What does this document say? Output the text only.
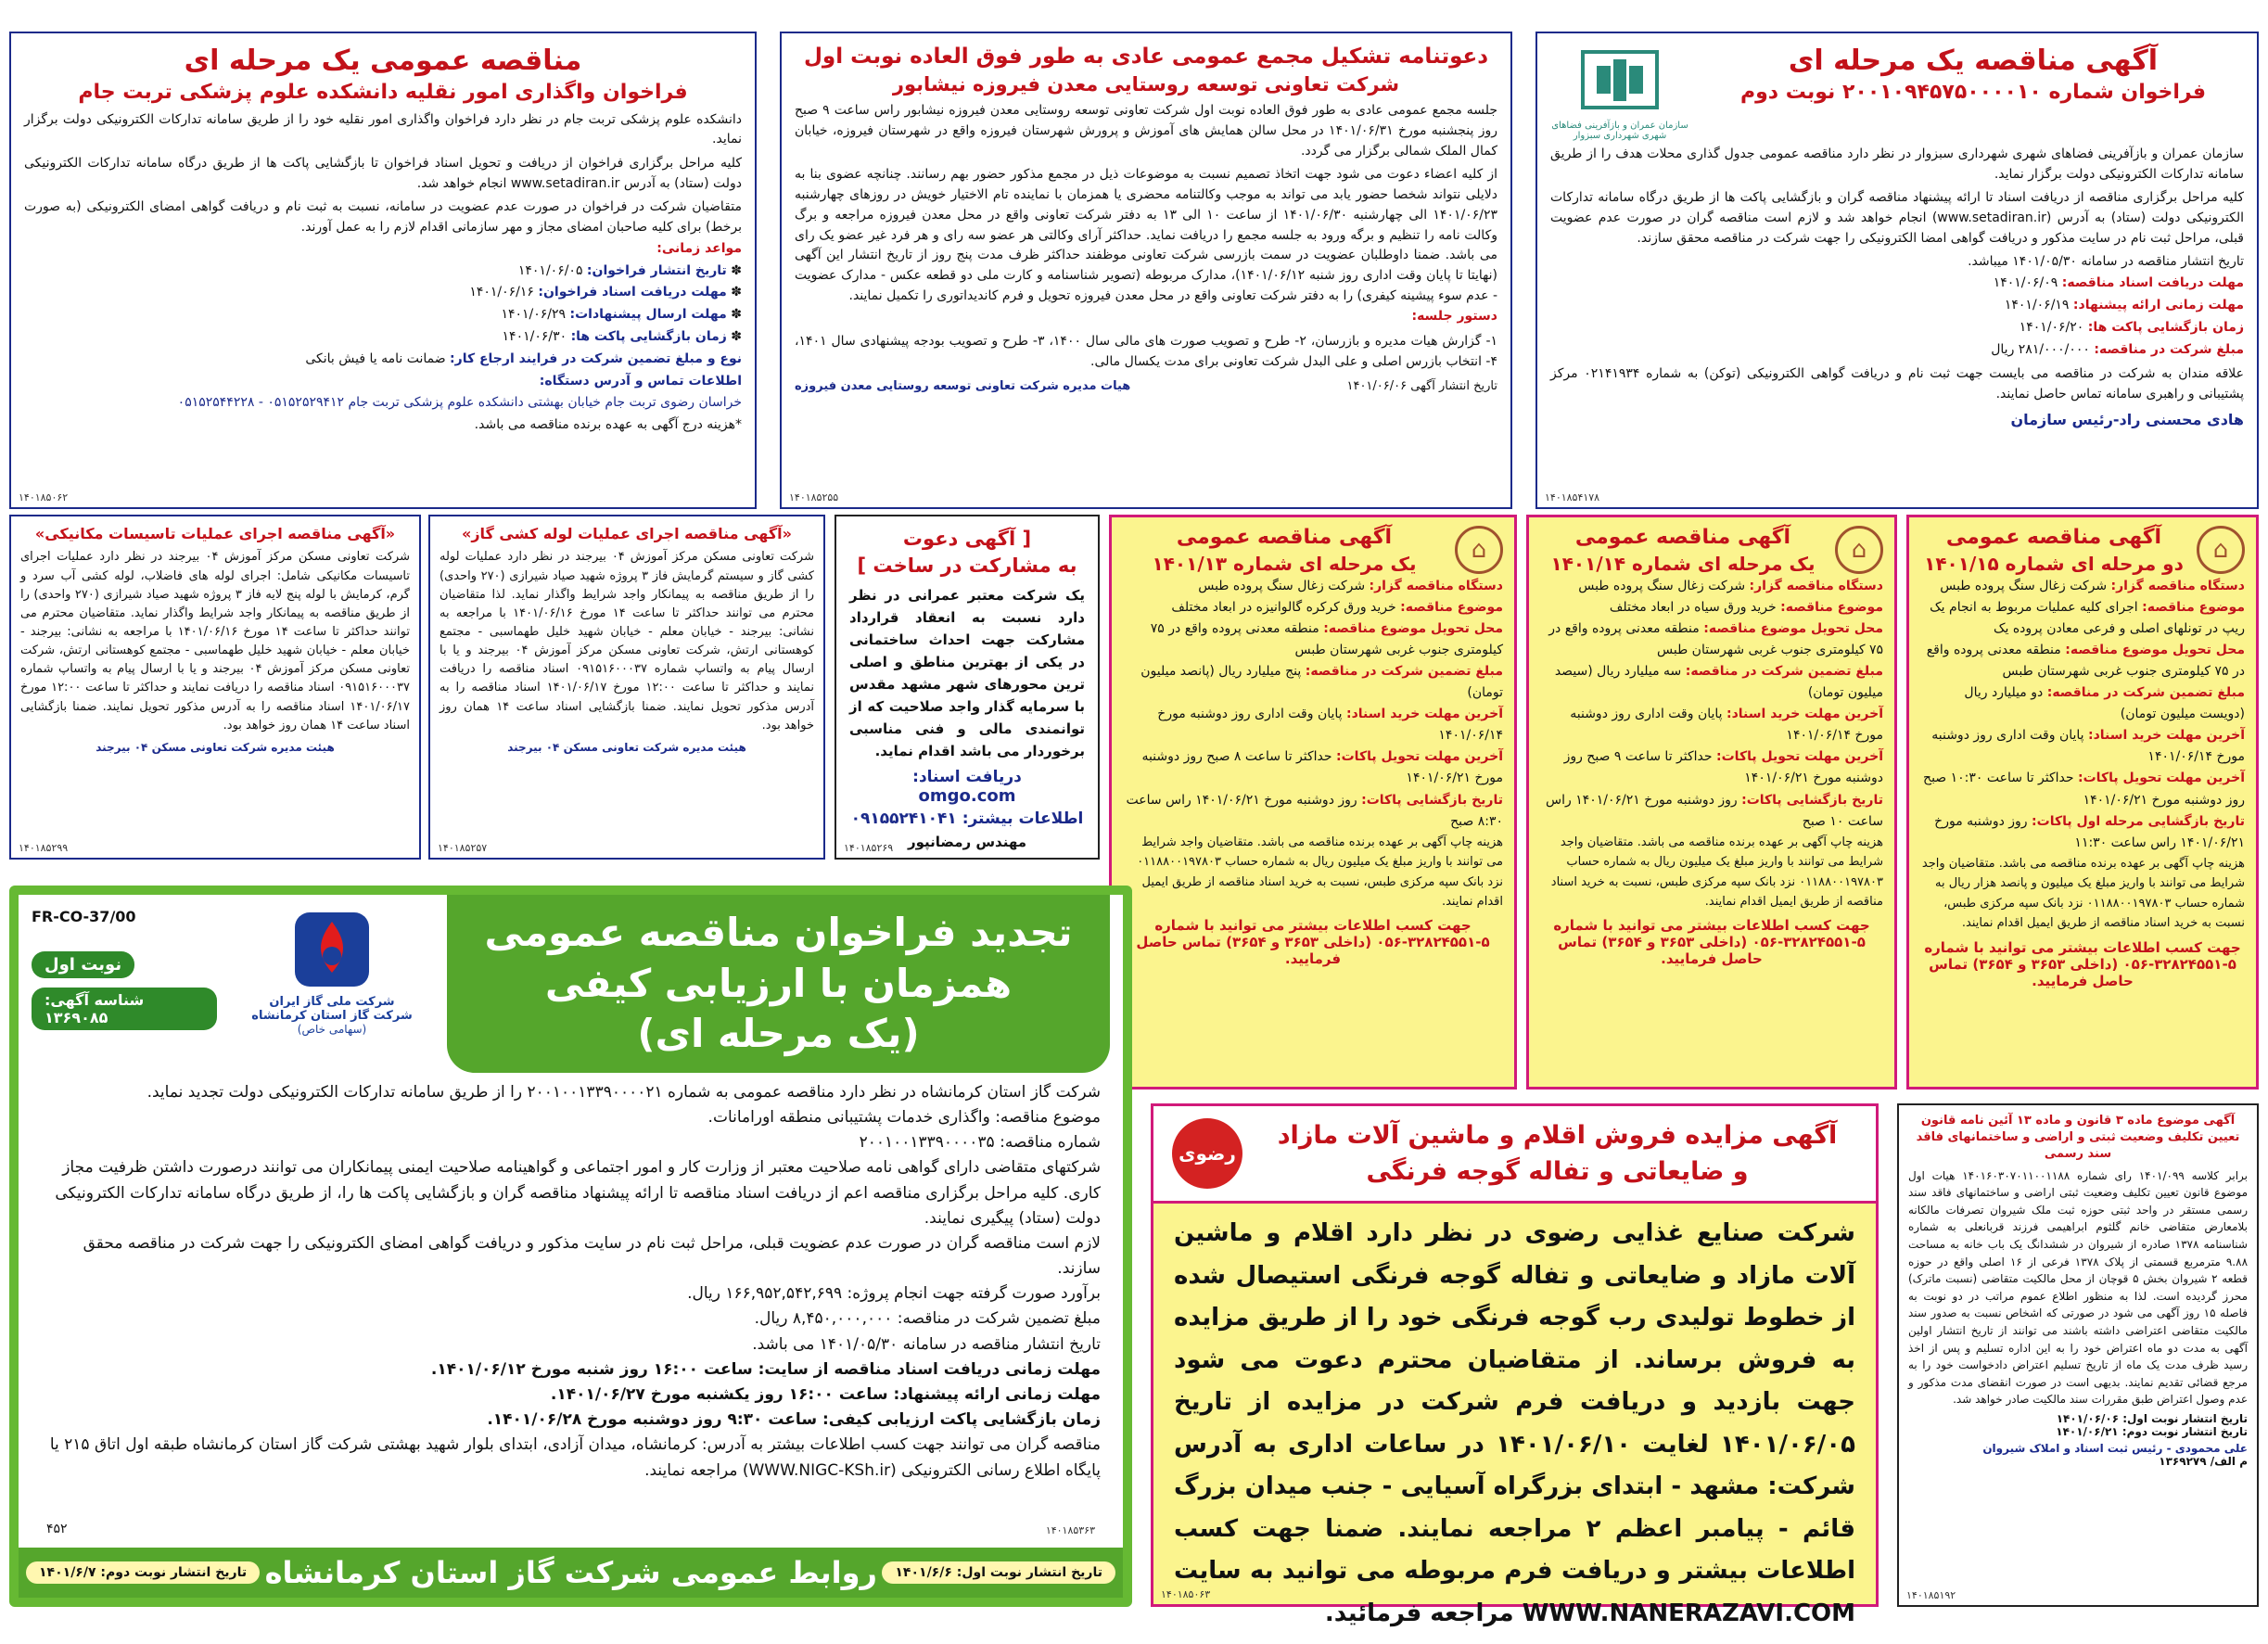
آگهی مناقصه یک مرحله ای
فراخوان شماره ۲۰۰۱۰۹۴۵۷۵۰۰۰۰۱۰ نوبت دوم
سازمان عمران و بازآفرینی فضاهای شهری شهرداری سبزوار
سازمان عمران و بازآفرینی فضاهای شهری شهرداری سبزوار در نظر دارد مناقصه عمومی جدول گذاری محلات هدف را از طریق سامانه تدارکات الکترونیکی دولت برگزار نماید.
کلیه مراحل برگزاری مناقصه از دریافت اسناد تا ارائه پیشنهاد مناقصه گران و بازگشایی پاکت ها از طریق درگاه سامانه تدارکات الکترونیکی دولت (ستاد) به آدرس (www.setadiran.ir) انجام خواهد شد و لازم است مناقصه گران در صورت عدم عضویت قبلی، مراحل ثبت نام در سایت مذکور و دریافت گواهی امضا الکترونیکی را جهت شرکت در مناقصه محقق سازند.
تاریخ انتشار مناقصه در سامانه ۱۴۰۱/۰۵/۳۰ میباشد.
مهلت دریافت اسناد مناقصه: ۱۴۰۱/۰۶/۰۹
مهلت زمانی ارائه پیشنهاد: ۱۴۰۱/۰۶/۱۹
زمان بازگشایی پاکت ها: ۱۴۰۱/۰۶/۲۰
مبلغ شرکت در مناقصه: ۲۸۱/۰۰۰/۰۰۰ ریال
علاقه مندان به شرکت در مناقصه می بایست جهت ثبت نام و دریافت گواهی الکترونیکی (توکن) به شماره ۰۲۱۴۱۹۳۴ مرکز پشتیبانی و راهبری سامانه تماس حاصل نمایند.
هادی محسنی راد-رئیس سازمان
۱۴۰۱۸۵۴۱۷۸
دعوتنامه تشکیل مجمع عمومی عادی به طور فوق العاده نوبت اول
شرکت تعاونی توسعه روستایی معدن فیروزه نیشابور
جلسه مجمع عمومی عادی به طور فوق العاده نوبت اول شرکت تعاونی توسعه روستایی معدن فیروزه نیشابور راس ساعت ۹ صبح روز پنجشنبه مورخ ۱۴۰۱/۰۶/۳۱ در محل سالن همایش های آموزش و پرورش شهرستان فیروزه واقع در شهرستان فیروزه، خیابان کمال الملک شمالی برگزار می گردد.
از کلیه اعضاء دعوت می شود جهت اتخاذ تصمیم نسبت به موضوعات ذیل در مجمع مذکور حضور بهم رسانند. چنانچه عضوی بنا به دلایلی نتواند شخصا حضور یابد می تواند به موجب وکالتنامه محضری یا همزمان با نماینده تام الاختیار خویش در روزهای چهارشنبه ۱۴۰۱/۰۶/۲۳ الی چهارشنبه ۱۴۰۱/۰۶/۳۰ از ساعت ۱۰ الی ۱۳ به دفتر شرکت تعاونی واقع در محل معدن فیروزه مراجعه و برگ وکالت نامه را تنظیم و برگه ورود به جلسه مجمع را دریافت نماید. حداکثر آرای وکالتی هر عضو سه رای و هر فرد غیر عضو یک رای می باشد. ضمنا داوطلبان عضویت در سمت بازرسی شرکت تعاونی موظفند حداکثر ظرف مدت پنج روز از تاریخ انتشار این آگهی (نهایتا تا پایان وقت اداری روز شنبه ۱۴۰۱/۰۶/۱۲)، مدارک مربوطه (تصویر شناسنامه و کارت ملی دو قطعه عکس - مدارک عضویت - عدم سوء پیشینه کیفری) را به دفتر شرکت تعاونی واقع در محل معدن فیروزه تحویل و فرم کاندیداتوری را تکمیل نمایند.
دستور جلسه:
۱- گزارش هیات مدیره و بازرسان، ۲- طرح و تصویب صورت های مالی سال ۱۴۰۰، ۳- طرح و تصویب بودجه پیشنهادی سال ۱۴۰۱، ۴- انتخاب بازرس اصلی و علی البدل شرکت تعاونی برای مدت یکسال مالی.
تاریخ انتشار آگهی ۱۴۰۱/۰۶/۰۶
هیات مدیره شرکت تعاونی توسعه روستایی معدن فیروزه
۱۴۰۱۸۵۲۵۵
مناقصه عمومی یک مرحله ای
فراخوان واگذاری امور نقلیه دانشکده علوم پزشکی تربت جام
دانشکده علوم پزشکی تربت جام در نظر دارد فراخوان واگذاری امور نقلیه خود را از طریق سامانه تدارکات الکترونیکی دولت برگزار نماید.
کلیه مراحل برگزاری فراخوان از دریافت و تحویل اسناد فراخوان تا بازگشایی پاکت ها از طریق درگاه سامانه تدارکات الکترونیکی دولت (ستاد) به آدرس www.setadiran.ir انجام خواهد شد.
متقاضیان شرکت در فراخوان در صورت عدم عضویت در سامانه، نسبت به ثبت نام و دریافت گواهی امضای الکترونیکی (به صورت برخط) برای کلیه صاحبان امضای مجاز و مهر سازمانی اقدام لازم را به عمل آورند.
مواعد زمانی:
✽ تاریخ انتشار فراخوان: ۱۴۰۱/۰۶/۰۵
✽ مهلت دریافت اسناد فراخوان: ۱۴۰۱/۰۶/۱۶
✽ مهلت ارسال پیشنهادات: ۱۴۰۱/۰۶/۲۹
✽ زمان بازگشایی پاکت ها: ۱۴۰۱/۰۶/۳۰
نوع و مبلغ تضمین شرکت در فرایند ارجاع کار: ضمانت نامه یا فیش بانکی
اطلاعات تماس و آدرس دستگاه:
خراسان رضوی تربت جام خیابان بهشتی دانشکده علوم پزشکی تربت جام ۰۵۱۵۲۵۲۹۴۱۲ - ۰۵۱۵۲۵۴۴۲۲۸
*هزینه درج آگهی به عهده برنده مناقصه می باشد.
۱۴۰۱۸۵۰۶۲
«آگهی مناقصه اجرای عملیات تاسیسات مکانیکی»
شرکت تعاونی مسکن مرکز آموزش ۰۴ بیرجند در نظر دارد عملیات اجرای تاسیسات مکانیکی شامل: اجرای لوله های فاضلاب، لوله کشی آب سرد و گرم، کرمایش با لوله پنج لایه فاز ۳ پروژه شهید صیاد شیرازی (۲۷۰ واحدی) را از طریق مناقصه به پیمانکار واجد شرایط واگذار نماید. متقاضیان محترم می توانند حداکثر تا ساعت ۱۴ مورخ ۱۴۰۱/۰۶/۱۶ با مراجعه به نشانی: بیرجند - خیابان معلم - خیابان شهید خلیل طهماسبی - مجتمع کوهستانی ارتش، شرکت تعاونی مسکن مرکز آموزش ۰۴ بیرجند و یا با ارسال پیام به واتساپ شماره ۰۹۱۵۱۶۰۰۰۳۷ اسناد مناقصه را دریافت نمایند و حداکثر تا ساعت ۱۲:۰۰ مورخ ۱۴۰۱/۰۶/۱۷ اسناد مناقصه را به آدرس مذکور تحویل نمایند. ضمنا بازگشایی اسناد ساعت ۱۴ همان روز خواهد بود.
هیئت مدیره شرکت تعاونی مسکن ۰۴ بیرجند
۱۴۰۱۸۵۲۹۹
«آگهی مناقصه اجرای عملیات لوله کشی گاز»
شرکت تعاونی مسکن مرکز آموزش ۰۴ بیرجند در نظر دارد عملیات لوله کشی گاز و سیستم گرمایش فاز ۳ پروژه شهید صیاد شیرازی (۲۷۰ واحدی) را از طریق مناقصه به پیمانکار واجد شرایط واگذار نماید. لذا متقاضیان محترم می توانند حداکثر تا ساعت ۱۴ مورخ ۱۴۰۱/۰۶/۱۶ با مراجعه به نشانی: بیرجند - خیابان معلم - خیابان شهید خلیل طهماسبی - مجتمع کوهستانی ارتش، شرکت تعاونی مسکن مرکز آموزش ۰۴ بیرجند و یا با ارسال پیام به واتساپ شماره ۰۹۱۵۱۶۰۰۰۳۷ اسناد مناقصه را دریافت نمایند و حداکثر تا ساعت ۱۲:۰۰ مورخ ۱۴۰۱/۰۶/۱۷ اسناد مناقصه را به آدرس مذکور تحویل نمایند. ضمنا بازگشایی اسناد ساعت ۱۴ همان روز خواهد بود.
هیئت مدیره شرکت تعاونی مسکن ۰۴ بیرجند
۱۴۰۱۸۵۲۵۷
[ آگهی دعوت
به مشارکت در ساخت ]
یک شرکت معتبر عمرانی در نظر دارد نسبت به انعقاد قرارداد مشارکت جهت احداث ساختمانی در یکی از بهترین مناطق و اصلی ترین محورهای شهر مشهد مقدس با سرمایه گذار واجد صلاحیت که از توانمندی مالی و فنی مناسبی برخوردار می باشد اقدام نماید.
دریافت اسناد:
omgo.com
اطلاعات بیشتر: ۰۹۱۵۵۲۴۱۰۴۱
مهندس رمضانپور
۱۴۰۱۸۵۲۶۹
⌂
آگهی مناقصه عمومی
یک مرحله ای شماره ۱۴۰۱/۱۳
دستگاه مناقصه گزار: شرکت زغال سنگ پروده طبس
موضوع مناقصه: خرید ورق کرکره گالوانیزه در ابعاد مختلف
محل تحویل موضوع مناقصه: منطقه معدنی پروده واقع در ۷۵ کیلومتری جنوب غربی شهرستان طبس
مبلغ تضمین شرکت در مناقصه: پنج میلیارد ریال (پانصد میلیون تومان)
آخرین مهلت خرید اسناد: پایان وقت اداری روز دوشنبه مورخ ۱۴۰۱/۰۶/۱۴
آخرین مهلت تحویل پاکات: حداکثر تا ساعت ۸ صبح روز دوشنبه مورخ ۱۴۰۱/۰۶/۲۱
تاریخ بازگشایی پاکات: روز دوشنبه مورخ ۱۴۰۱/۰۶/۲۱ راس ساعت ۸:۳۰ صبح
هزینه چاپ آگهی بر عهده برنده مناقصه می باشد. متقاضیان واجد شرایط می توانند با واریز مبلغ یک میلیون ریال به شماره حساب ۰۱۱۸۸۰۰۱۹۷۸۰۳ نزد بانک سپه مرکزی طبس، نسبت به خرید اسناد مناقصه از طریق ایمیل اقدام نمایند.
جهت کسب اطلاعات بیشتر می توانید با شماره ۵-۳۲۸۲۴۵۵۱-۰۵۶ (داخلی ۳۶۵۳ و ۳۶۵۴) تماس حاصل فرمایید.
⌂
آگهی مناقصه عمومی
یک مرحله ای شماره ۱۴۰۱/۱۴
دستگاه مناقصه گزار: شرکت زغال سنگ پروده طبس
موضوع مناقصه: خرید ورق سیاه در ابعاد مختلف
محل تحویل موضوع مناقصه: منطقه معدنی پروده واقع در ۷۵ کیلومتری جنوب غربی شهرستان طبس
مبلغ تضمین شرکت در مناقصه: سه میلیارد ریال (سیصد میلیون تومان)
آخرین مهلت خرید اسناد: پایان وقت اداری روز دوشنبه مورخ ۱۴۰۱/۰۶/۱۴
آخرین مهلت تحویل پاکات: حداکثر تا ساعت ۹ صبح روز دوشنبه مورخ ۱۴۰۱/۰۶/۲۱
تاریخ بازگشایی پاکات: روز دوشنبه مورخ ۱۴۰۱/۰۶/۲۱ راس ساعت ۱۰ صبح
هزینه چاپ آگهی بر عهده برنده مناقصه می باشد. متقاضیان واجد شرایط می توانند با واریز مبلغ یک میلیون ریال به شماره حساب ۰۱۱۸۸۰۰۱۹۷۸۰۳ نزد بانک سپه مرکزی طبس، نسبت به خرید اسناد مناقصه از طریق ایمیل اقدام نمایند.
جهت کسب اطلاعات بیشتر می توانید با شماره ۵-۳۲۸۲۴۵۵۱-۰۵۶ (داخلی ۳۶۵۳ و ۳۶۵۴) تماس حاصل فرمایید.
⌂
آگهی مناقصه عمومی
دو مرحله ای شماره ۱۴۰۱/۱۵
دستگاه مناقصه گزار: شرکت زغال سنگ پروده طبس
موضوع مناقصه: اجرای کلیه عملیات مربوط به انجام یک ریپ در تونلهای اصلی و فرعی معادن پروده یک
محل تحویل موضوع مناقصه: منطقه معدنی پروده واقع در ۷۵ کیلومتری جنوب غربی شهرستان طبس
مبلغ تضمین شرکت در مناقصه: دو میلیارد ریال (دویست میلیون تومان)
آخرین مهلت خرید اسناد: پایان وقت اداری روز دوشنبه مورخ ۱۴۰۱/۰۶/۱۴
آخرین مهلت تحویل پاکات: حداکثر تا ساعت ۱۰:۳۰ صبح روز دوشنبه مورخ ۱۴۰۱/۰۶/۲۱
تاریخ بازگشایی مرحله اول پاکات: روز دوشنبه مورخ ۱۴۰۱/۰۶/۲۱ راس ساعت ۱۱:۳۰
هزینه چاپ آگهی بر عهده برنده مناقصه می باشد. متقاضیان واجد شرایط می توانند با واریز مبلغ یک میلیون و پانصد هزار ریال به شماره حساب ۰۱۱۸۸۰۰۱۹۷۸۰۳ نزد بانک سپه مرکزی طبس، نسبت به خرید اسناد مناقصه از طریق ایمیل اقدام نمایند.
جهت کسب اطلاعات بیشتر می توانید با شماره ۵-۳۲۸۲۴۵۵۱-۰۵۶ (داخلی ۳۶۵۳ و ۳۶۵۴) تماس حاصل فرمایید.
تجدید فراخوان مناقصه عمومی
همزمان با ارزیابی کیفی
(یک مرحله ای)
شرکت ملی گاز ایران
شرکت گاز استان کرمانشاه
(سهامی خاص)
FR-CO-37/00
نوبت اول
شناسه آگهی: ۱۳۶۹۰۸۵
شرکت گاز استان کرمانشاه در نظر دارد مناقصه عمومی به شماره ۲۰۰۱۰۰۱۳۳۹۰۰۰۰۲۱ را از طریق سامانه تدارکات الکترونیکی دولت تجدید نماید.
موضوع مناقصه: واگذاری خدمات پشتیبانی منطقه اورامانات.
شماره مناقصه: ۲۰۰۱۰۰۱۳۳۹۰۰۰۰۳۵
شرکتهای متقاضی دارای گواهی نامه صلاحیت معتبر از وزارت کار و امور اجتماعی و گواهینامه صلاحیت ایمنی پیمانکاران می توانند درصورت داشتن ظرفیت مجاز کاری. کلیه مراحل برگزاری مناقصه اعم از دریافت اسناد مناقصه تا ارائه پیشنهاد مناقصه گران و بازگشایی پاکت ها را، از طریق درگاه سامانه تدارکات الکترونیکی دولت (ستاد) پیگیری نمایند.
لازم است مناقصه گران در صورت عدم عضویت قبلی، مراحل ثبت نام در سایت مذکور و دریافت گواهی امضای الکترونیکی را جهت شرکت در مناقصه محقق سازند.
برآورد صورت گرفته جهت انجام پروژه: ۱۶۶,۹۵۲,۵۴۲,۶۹۹ ریال.
مبلغ تضمین شرکت در مناقصه: ۸,۴۵۰,۰۰۰,۰۰۰ ریال.
تاریخ انتشار مناقصه در سامانه ۱۴۰۱/۰۵/۳۰ می باشد.
مهلت زمانی دریافت اسناد مناقصه از سایت: ساعت ۱۶:۰۰ روز شنبه مورخ ۱۴۰۱/۰۶/۱۲.
مهلت زمانی ارائه پیشنهاد: ساعت ۱۶:۰۰ روز یکشنبه مورخ ۱۴۰۱/۰۶/۲۷.
زمان بازگشایی پاکت ارزیابی کیفی: ساعت ۹:۳۰ روز دوشنبه مورخ ۱۴۰۱/۰۶/۲۸.
مناقصه گران می توانند جهت کسب اطلاعات بیشتر به آدرس: کرمانشاه، میدان آزادی، ابتدای بلوار شهید بهشتی شرکت گاز استان کرمانشاه طبقه اول اتاق ۲۱۵ یا پایگاه اطلاع رسانی الکترونیکی (WWW.NIGC-KSh.ir) مراجعه نمایند.
تاریخ انتشار نوبت اول: ۱۴۰۱/۶/۶
روابط عمومی شرکت گاز استان کرمانشاه
تاریخ انتشار نوبت دوم: ۱۴۰۱/۶/۷
۴۵۲	۱۴۰۱۸۵۳۶۳
آگهی مزایده فروش اقلام و ماشین آلات مازاد
و ضایعاتی و تفاله گوجه فرنگی
رضوی
شرکت صنایع غذایی رضوی در نظر دارد اقلام و ماشین آلات مازاد و ضایعاتی و تفاله گوجه فرنگی استیصال شده از خطوط تولیدی رب گوجه فرنگی خود را از طریق مزایده به فروش برساند. از متقاضیان محترم دعوت می شود جهت بازدید و دریافت فرم شرکت در مزایده از تاریخ ۱۴۰۱/۰۶/۰۵ لغایت ۱۴۰۱/۰۶/۱۰ در ساعات اداری به آدرس شرکت: مشهد - ابتدای بزرگراه آسیایی - جنب میدان بزرگ قائم - پیامبر اعظم ۲ مراجعه نمایند. ضمنا جهت کسب اطلاعات بیشتر و دریافت فرم مربوطه می توانید به سایت WWW.NANERAZAVI.COM مراجعه فرمائید.
۱۴۰۱۸۵۰۶۳
آگهی موضوع ماده ۳ قانون و ماده ۱۳ آئین نامه قانون تعیین تکلیف وضعیت ثبتی و اراضی و ساختمانهای فاقد سند رسمی
برابر کلاسه ۱۴۰۱/۰۹۹ رای شماره ۱۴۰۱۶۰۳۰۷۰۱۱۰۰۱۱۸۸ هیات اول موضوع قانون تعیین تکلیف وضعیت ثبتی اراضی و ساختمانهای فاقد سند رسمی مستقر در واحد ثبتی حوزه ثبت ملک شیروان تصرفات مالکانه بلامعارض متقاضی خانم گلثوم ابراهیمی فرزند قربانعلی به شماره شناسنامه ۱۳۷۸ صادره از شیروان در ششدانگ یک باب خانه به مساحت ۹.۸۸ مترمربع قسمتی از پلاک ۱۳۷۸ فرعی از ۱۶ اصلی واقع در حوزه قطعه ۲ شیروان بخش ۵ قوچان از محل مالکیت متقاضی (نسبت ماترک) محرز گردیده است. لذا به منظور اطلاع عموم مراتب در دو نوبت به فاصله ۱۵ روز آگهی می شود در صورتی که اشخاص نسبت به صدور سند مالکیت متقاضی اعتراضی داشته باشند می توانند از تاریخ انتشار اولین آگهی به مدت دو ماه اعتراض خود را به این اداره تسلیم و پس از اخذ رسید ظرف مدت یک ماه از تاریخ تسلیم اعتراض دادخواست خود را به مرجع قضائی تقدیم نمایند. بدیهی است در صورت انقضای مدت مذکور و عدم وصول اعتراض طبق مقررات سند مالکیت صادر خواهد شد.
تاریخ انتشار نوبت اول: ۱۴۰۱/۰۶/۰۶
تاریخ انتشار نوبت دوم: ۱۴۰۱/۰۶/۲۱
علی محمودی - رئیس ثبت اسناد و املاک شیروان
م الف/ ۱۳۶۹۲۷۹
۱۴۰۱۸۵۱۹۲
